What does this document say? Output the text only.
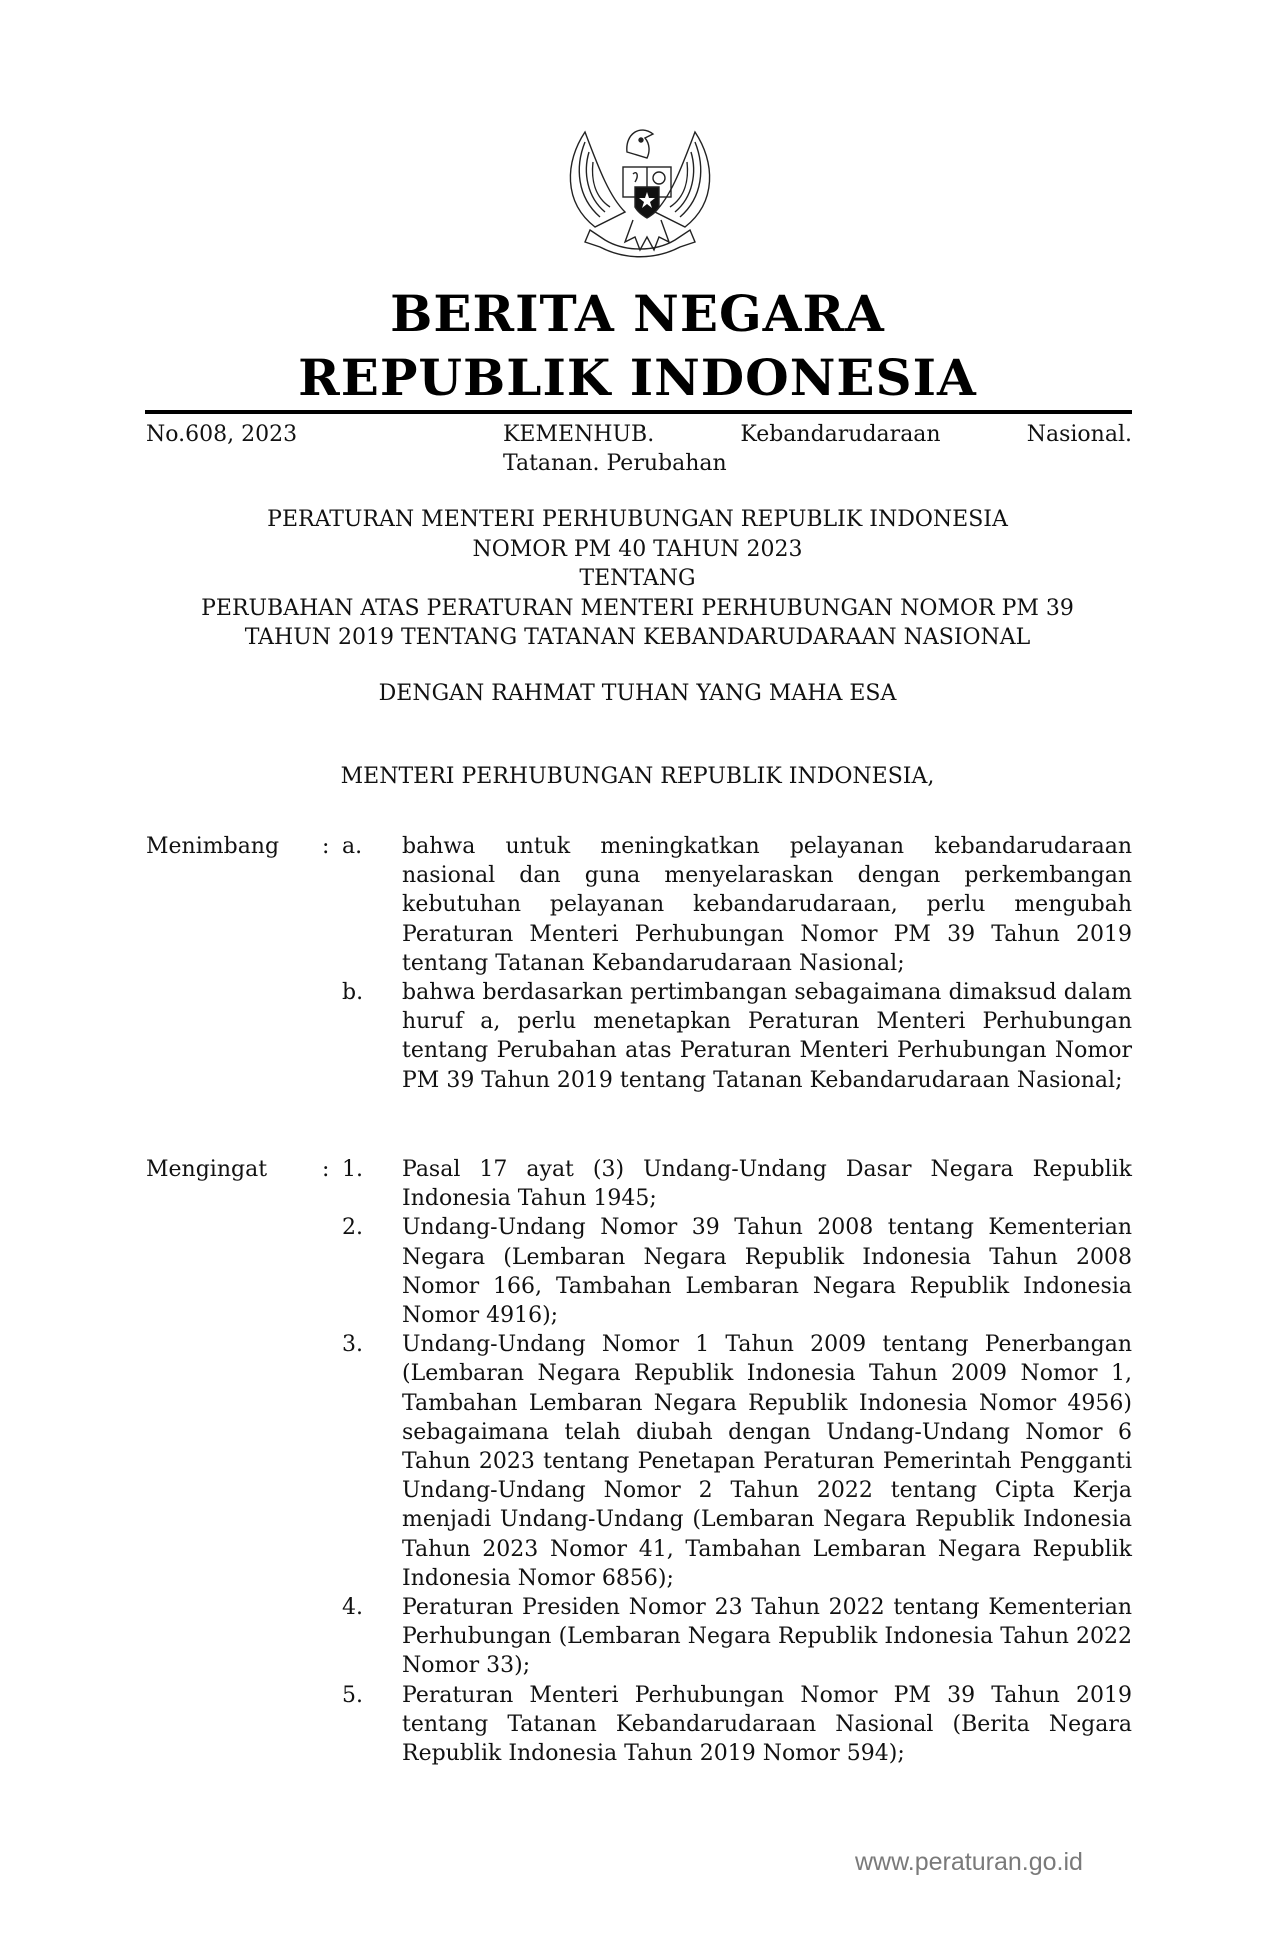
BERITA NEGARA
REPUBLIK INDONESIA
No.608, 2023	KEMENHUB.	Kebandarudaraan	Nasional.
Tatanan. Perubahan
PERATURAN MENTERI PERHUBUNGAN REPUBLIK INDONESIA
NOMOR PM 40 TAHUN 2023
TENTANG
PERUBAHAN ATAS PERATURAN MENTERI PERHUBUNGAN NOMOR PM 39
TAHUN 2019 TENTANG TATANAN KEBANDARUDARAAN NASIONAL
DENGAN RAHMAT TUHAN YANG MAHA ESA
MENTERI PERHUBUNGAN REPUBLIK INDONESIA,
Menimbang	: a.	bahwa untuk meningkatkan pelayanan kebandarudaraan nasional dan guna menyelaraskan dengan perkembangan kebutuhan pelayanan kebandarudaraan, perlu mengubah Peraturan Menteri Perhubungan Nomor PM 39 Tahun 2019 tentang Tatanan Kebandarudaraan Nasional;
b.	bahwa berdasarkan pertimbangan sebagaimana dimaksud dalam huruf a, perlu menetapkan Peraturan Menteri Perhubungan tentang Perubahan atas Peraturan Menteri Perhubungan Nomor PM 39 Tahun 2019 tentang Tatanan Kebandarudaraan Nasional;
Mengingat	: 1.	Pasal 17 ayat (3) Undang-Undang Dasar Negara Republik Indonesia Tahun 1945;
2.	Undang-Undang Nomor 39 Tahun 2008 tentang Kementerian Negara (Lembaran Negara Republik Indonesia Tahun 2008 Nomor 166, Tambahan Lembaran Negara Republik Indonesia Nomor 4916);
3.	Undang-Undang Nomor 1 Tahun 2009 tentang Penerbangan (Lembaran Negara Republik Indonesia Tahun 2009 Nomor 1, Tambahan Lembaran Negara Republik Indonesia Nomor 4956) sebagaimana telah diubah dengan Undang-Undang Nomor 6 Tahun 2023 tentang Penetapan Peraturan Pemerintah Pengganti Undang-Undang Nomor 2 Tahun 2022 tentang Cipta Kerja menjadi Undang-Undang (Lembaran Negara Republik Indonesia Tahun 2023 Nomor 41, Tambahan Lembaran Negara Republik Indonesia Nomor 6856);
4.	Peraturan Presiden Nomor 23 Tahun 2022 tentang Kementerian Perhubungan (Lembaran Negara Republik Indonesia Tahun 2022 Nomor 33);
5.	Peraturan Menteri Perhubungan Nomor PM 39 Tahun 2019 tentang Tatanan Kebandarudaraan Nasional (Berita Negara Republik Indonesia Tahun 2019 Nomor 594);
www.peraturan.go.id
